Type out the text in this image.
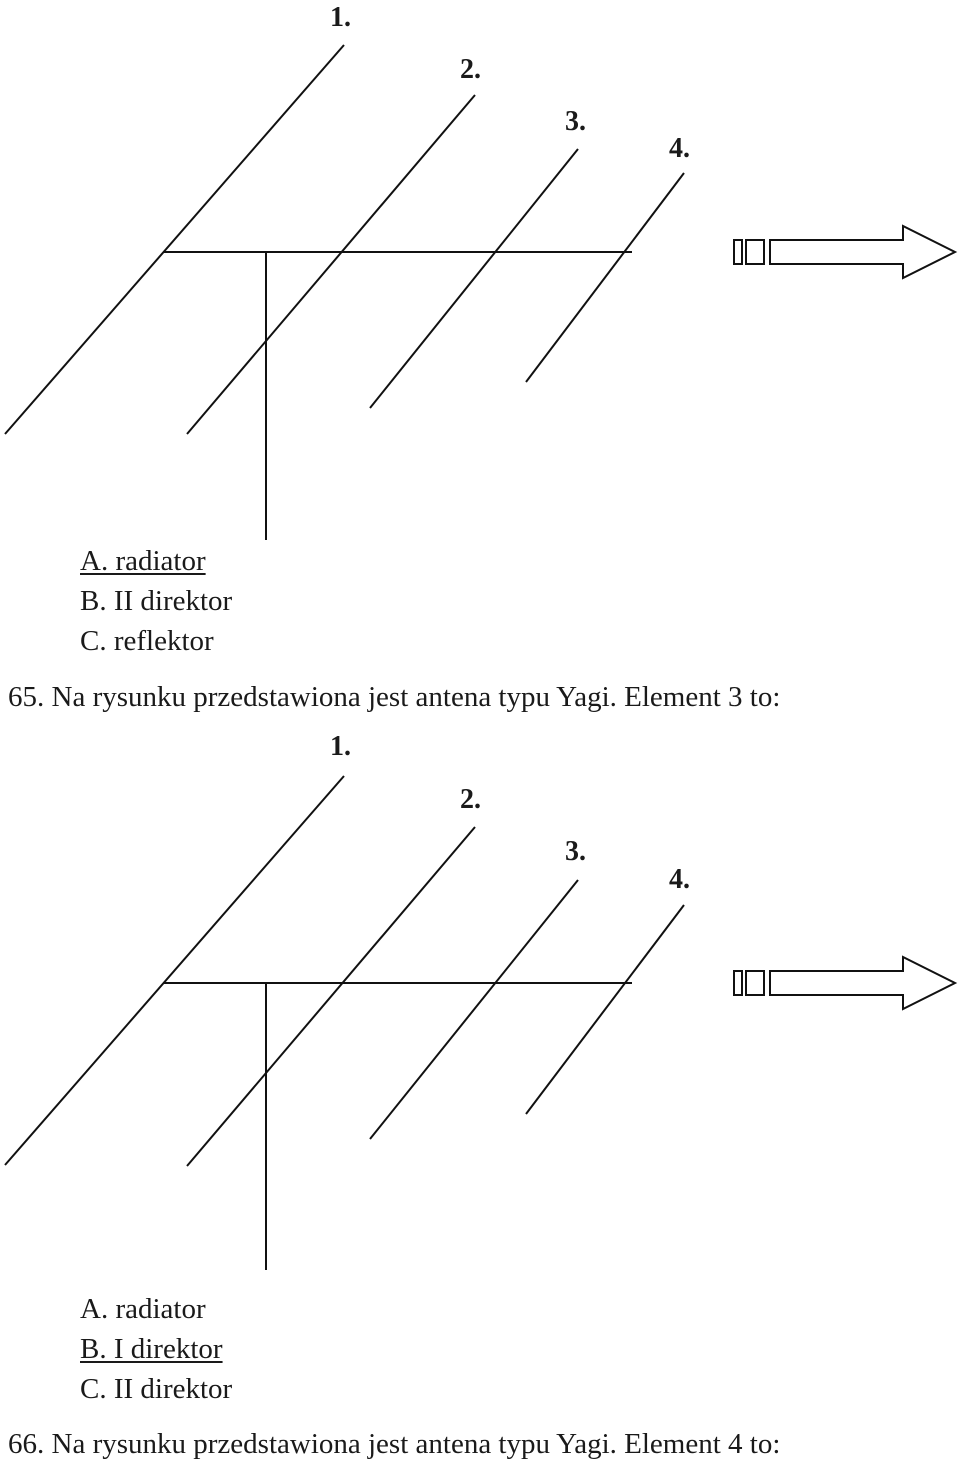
1.
2.
3.
4.
A. radiator
B. II direktor
C. reflektor
65. Na rysunku przedstawiona jest antena typu Yagi. Element 3 to:
1.
2.
3.
4.
A. radiator
B. I direktor
C. II direktor
66. Na rysunku przedstawiona jest antena typu Yagi. Element 4 to:
